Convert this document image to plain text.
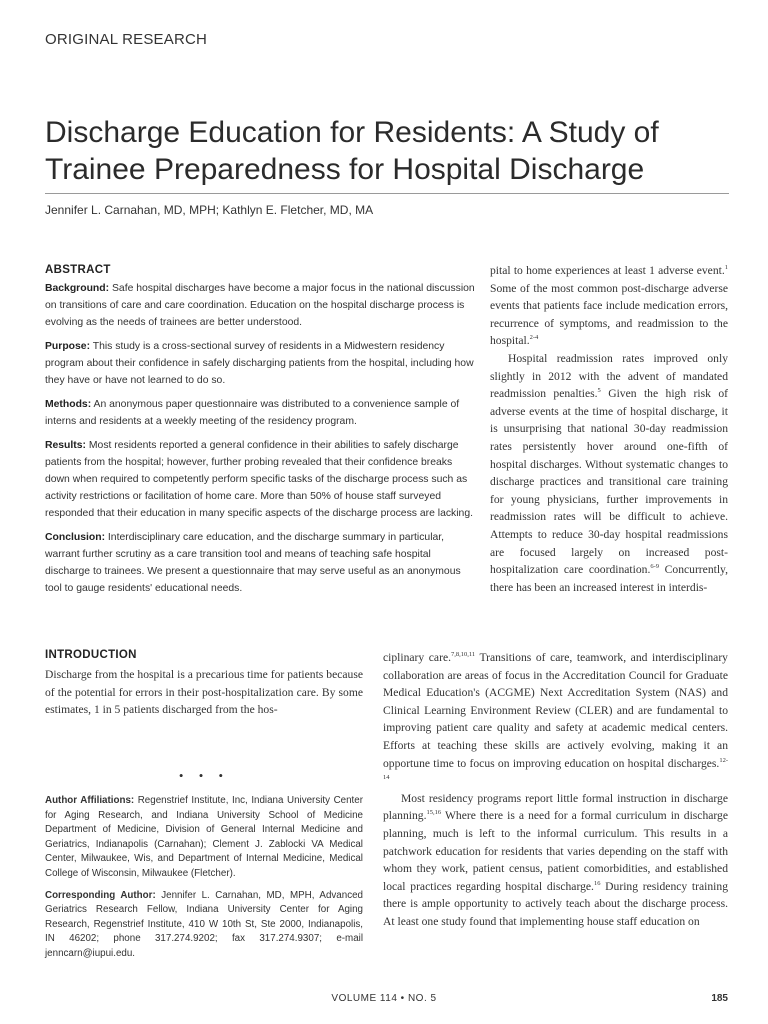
ORIGINAL RESEARCH
Discharge Education for Residents: A Study of Trainee Preparedness for Hospital Discharge
Jennifer L. Carnahan, MD, MPH; Kathlyn E. Fletcher, MD, MA
ABSTRACT

Background: Safe hospital discharges have become a major focus in the national discussion on transitions of care and care coordination. Education on the hospital discharge process is evolving as the needs of trainees are better understood.

Purpose: This study is a cross-sectional survey of residents in a Midwestern residency program about their confidence in safely discharging patients from the hospital, including how they have or have not learned to do so.

Methods: An anonymous paper questionnaire was distributed to a convenience sample of interns and residents at a weekly meeting of the residency program.

Results: Most residents reported a general confidence in their abilities to safely discharge patients from the hospital; however, further probing revealed that their confidence breaks down when required to competently perform specific tasks of the discharge process such as activity restrictions or facilitation of home care. More than 50% of house staff surveyed responded that their education in many specific aspects of the discharge process are lacking.

Conclusion: Interdisciplinary care education, and the discharge summary in particular, warrant further scrutiny as a care transition tool and means of teaching safe hospital discharge to trainees. We present a questionnaire that may serve useful as an anonymous tool to gauge residents' educational needs.

INTRODUCTION
Discharge from the hospital is a precarious time for patients because of the potential for errors in their post-hospitalization care. By some estimates, 1 in 5 patients discharged from the hos-
• • •

Author Affiliations: Regenstrief Institute, Inc, Indiana University Center for Aging Research, and Indiana University School of Medicine Department of Medicine, Division of General Internal Medicine and Geriatrics, Indianapolis (Carnahan); Clement J. Zablocki VA Medical Center, Milwaukee, Wis, and Department of Internal Medicine, Medical College of Wisconsin, Milwaukee (Fletcher).

Corresponding Author: Jennifer L. Carnahan, MD, MPH, Advanced Geriatrics Research Fellow, Indiana University Center for Aging Research, Regenstrief Institute, 410 W 10th St, Ste 2000, Indianapolis, IN 46202; phone 317.274.9202; fax 317.274.9307; e-mail jenncarn@iupui.edu.

pital to home experiences at least 1 adverse event.$^1$ Some of the most common post-discharge adverse events that patients face include medication errors, recurrence of symptoms, and readmission to the hospital.$^{2-4}$

Hospital readmission rates improved only slightly in 2012 with the advent of mandated readmission penalties.$^5$ Given the high risk of adverse events at the time of hospital discharge, it is unsurprising that national 30-day readmission rates persistently hover around one-fifth of hospital discharges. Without systematic changes to discharge practices and transitional care training for young physicians, further improvements in readmission rates will be difficult to achieve. Attempts to reduce 30-day hospital readmissions are focused largely on increased post-hospitalization care coordination.$^{6-9}$ Concurrently, there has been an increased interest in interdis-

ciplinary care.$^{7,8,10,11}$ Transitions of care, teamwork, and interdisciplinary collaboration are areas of focus in the Accreditation Council for Graduate Medical Education's (ACGME) Next Accreditation System (NAS) and Clinical Learning Environment Review (CLER) and are fundamental to improving patient care quality and safety at academic medical centers. Efforts at teaching these skills are actively evolving, making it an opportune time to focus on improving education on hospital discharges.$^{12-14}$

Most residency programs report little formal instruction in discharge planning.$^{15,16}$ Where there is a need for a formal curriculum in discharge planning, much is left to the informal curriculum. This results in a patchwork education for residents that varies depending on the staff with whom they work, patient census, patient comorbidities, and established local practices regarding hospital discharge.$^{16}$ During residency training there is ample opportunity to actively teach about the discharge process. At least one study found that implementing house staff education on

VOLUME 114 • NO. 5	185
